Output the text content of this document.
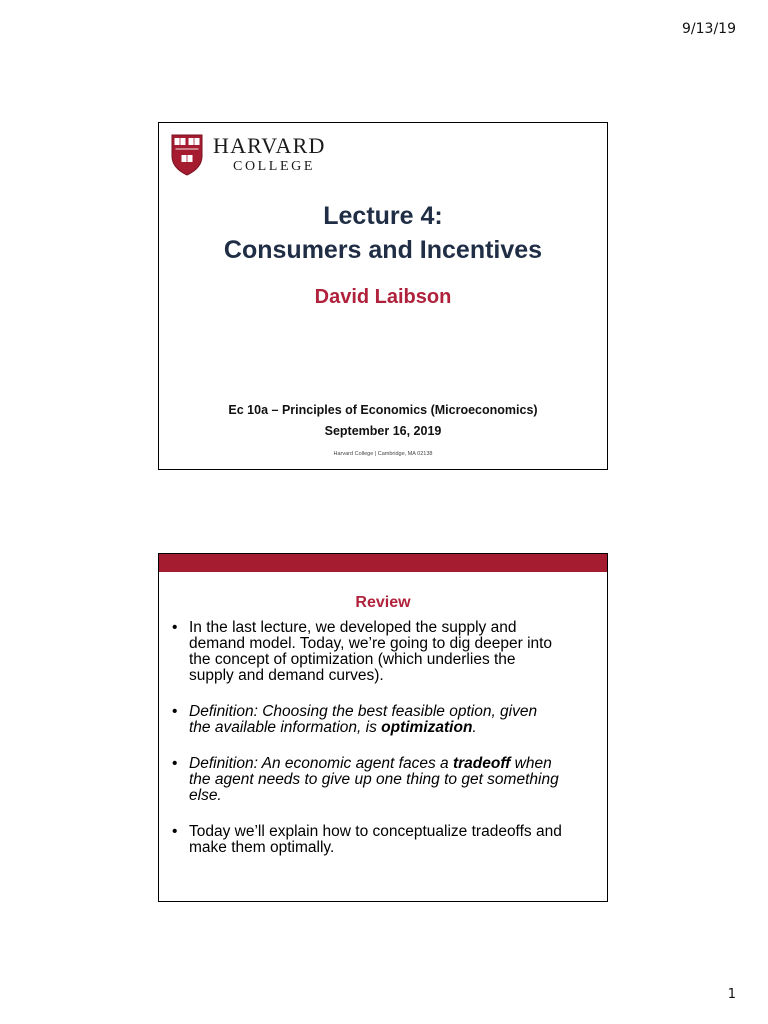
9/13/19
HARVARD
COLLEGE
Lecture 4:
Consumers and Incentives
David Laibson
Ec 10a – Principles of Economics (Microeconomics)
September 16, 2019
Harvard College | Cambridge, MA 02138
Review
• In the last lecture, we developed the supply and
demand model. Today, we’re going to dig deeper into
the concept of optimization (which underlies the
supply and demand curves).
• Definition: Choosing the best feasible option, given
the available information, is optimization.
• Definition: An economic agent faces a tradeoff when
the agent needs to give up one thing to get something
else.
• Today we’ll explain how to conceptualize tradeoffs and
make them optimally.
1
